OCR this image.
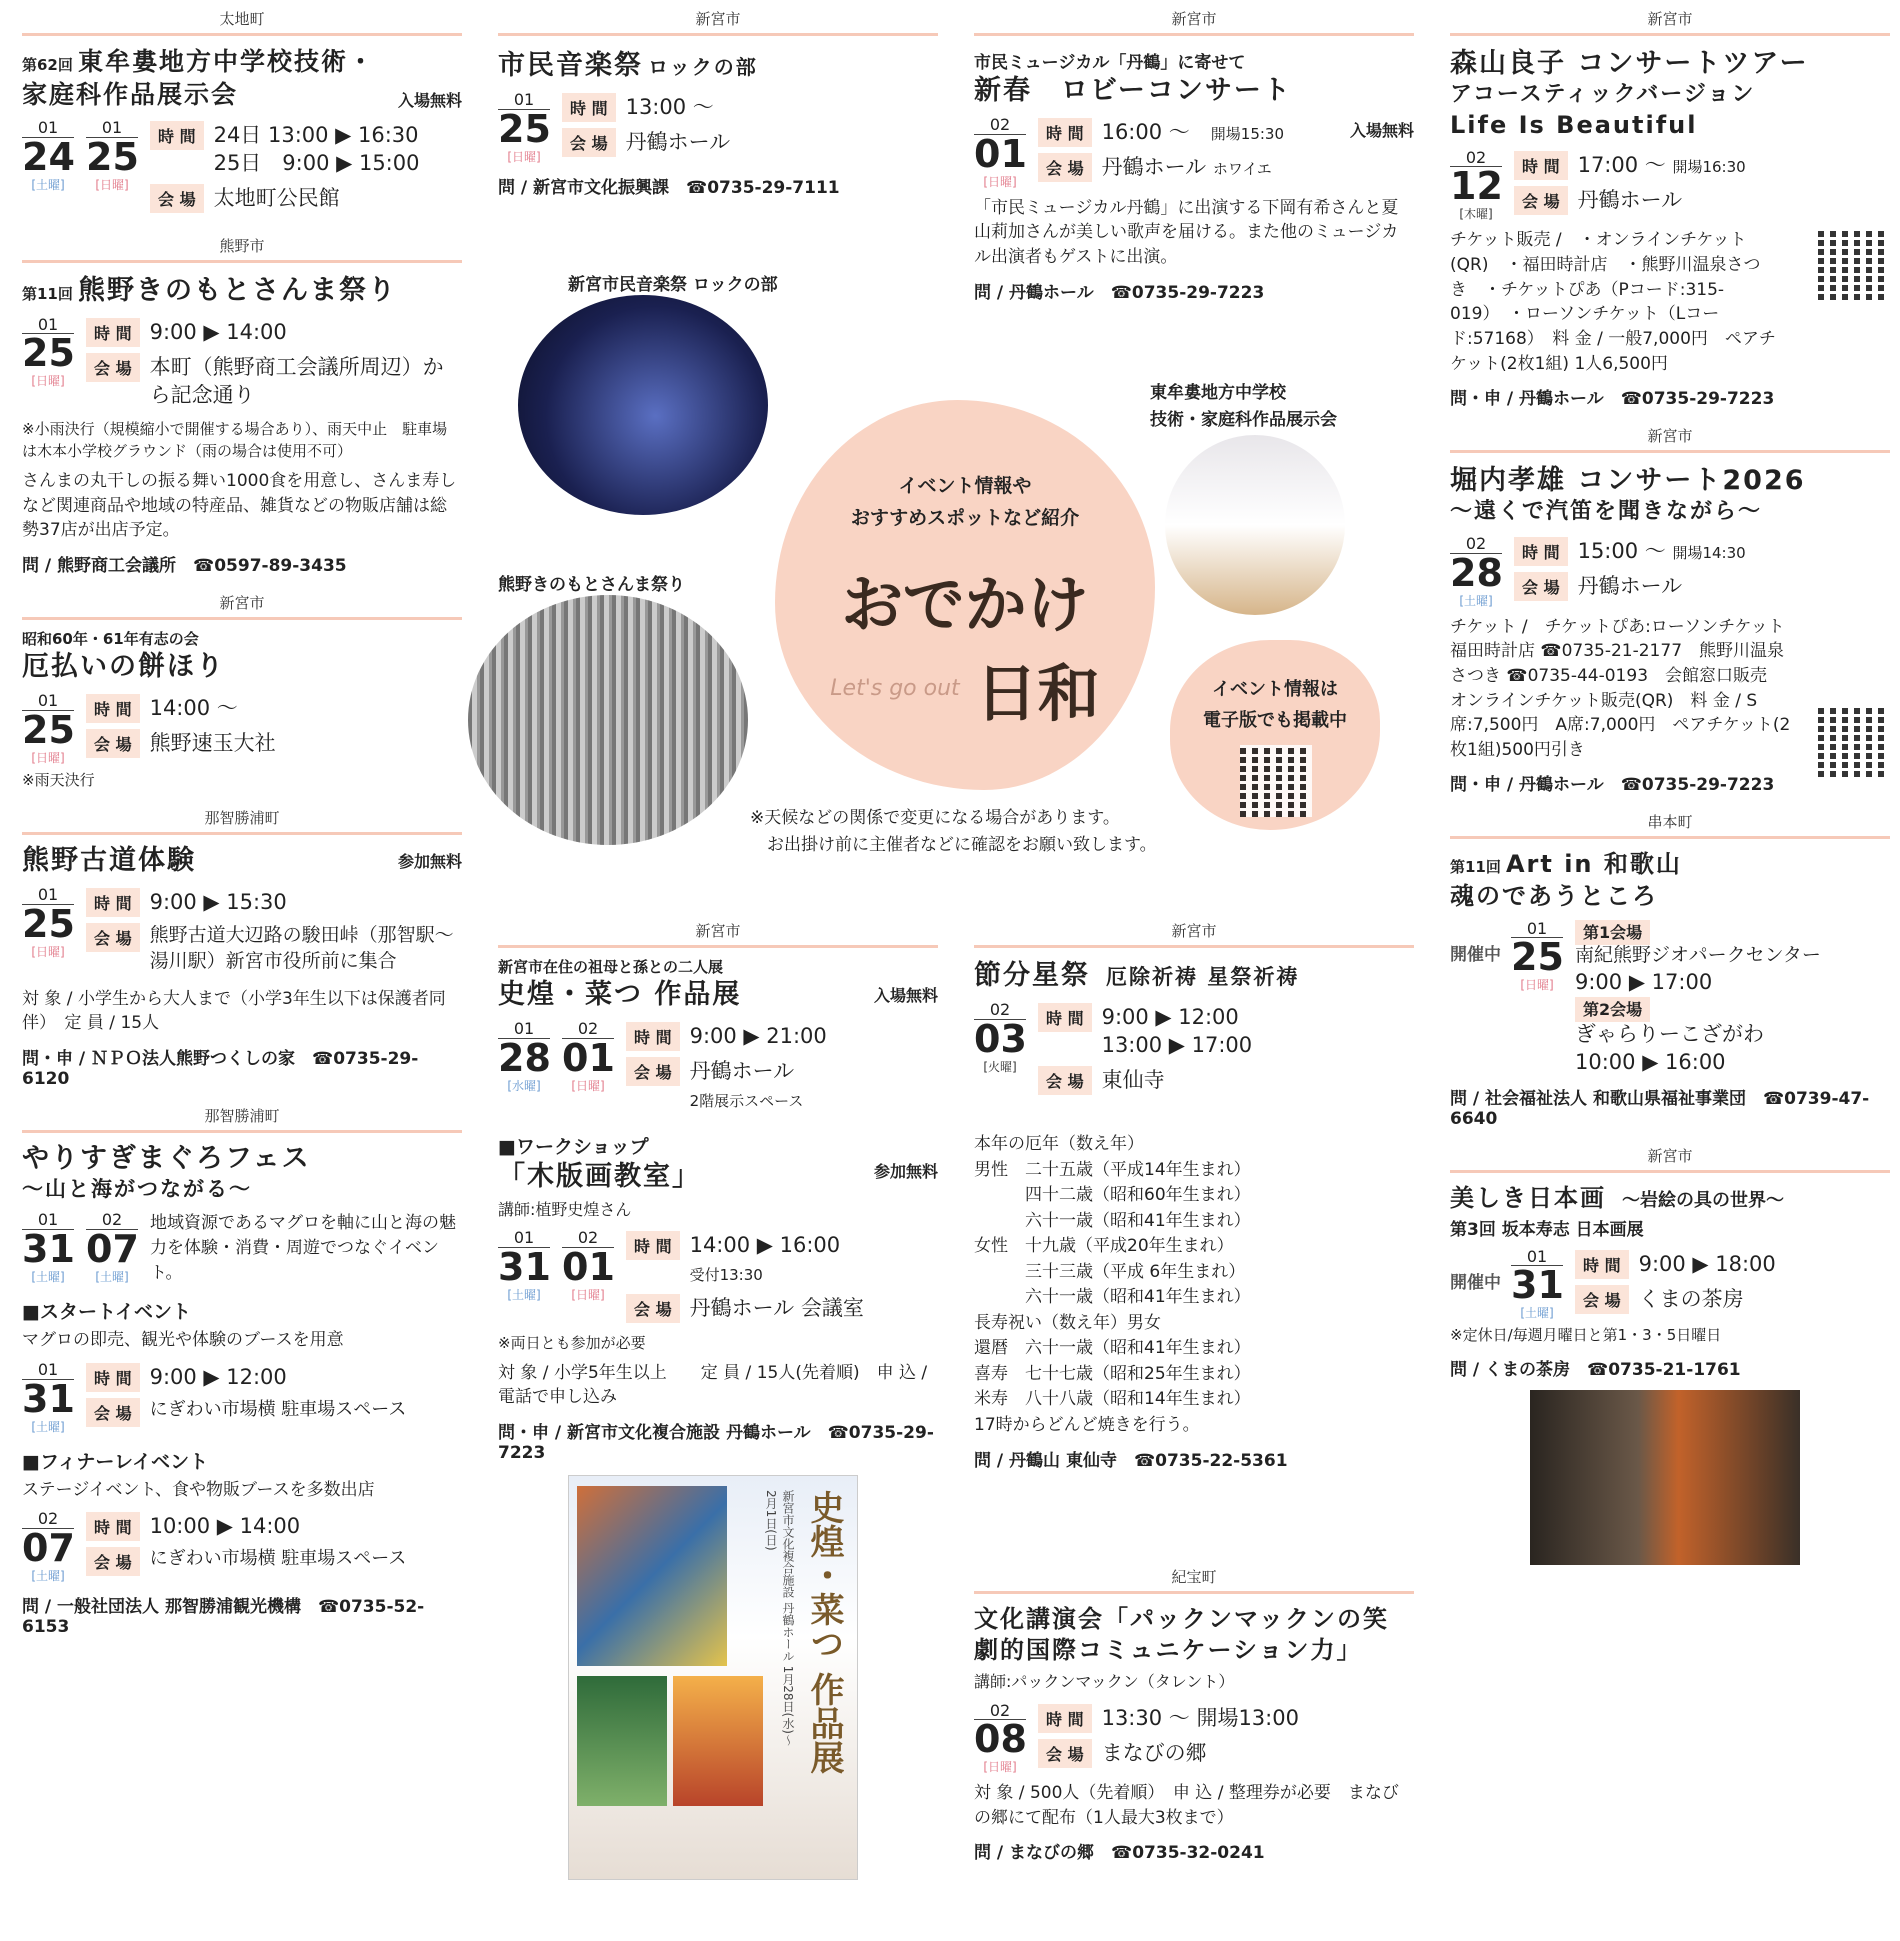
太地町
第62回 東牟婁地方中学校技術・家庭科作品展示会	入場無料
01
24
[土曜]
01
25
[日曜]
時 間 24日 13:00 ▶ 16:30
25日　9:00 ▶ 15:00
会 場 太地町公民館
熊野市
第11回 熊野きのもとさんま祭り
01
25
[日曜]
時 間 9:00 ▶ 14:00
会 場 本町（熊野商工会議所周辺）から記念通り
※小雨決行（規模縮小で開催する場合あり）、雨天中止　駐車場は木本小学校グラウンド（雨の場合は使用不可）
さんまの丸干しの振る舞い1000食を用意し、さんま寿しなど関連商品や地域の特産品、雑貨などの物販店舗は総勢37店が出店予定。
問 / 熊野商工会議所　☎0597-89-3435
新宮市
昭和60年・61年有志の会
厄払いの餅ほり
01
25
[日曜]
時 間 14:00 〜
会 場 熊野速玉大社
※雨天決行
那智勝浦町
熊野古道体験	参加無料
01
25
[日曜]
時 間 9:00 ▶ 15:30
会 場 熊野古道大辺路の駿田峠（那智駅〜湯川駅）新宮市役所前に集合
対 象 / 小学生から大人まで（小学3年生以下は保護者同伴）　定 員 / 15人
問・申 / ＮＰＯ法人熊野つくしの家　☎0735-29-6120
那智勝浦町
やりすぎまぐろフェス
〜山と海がつながる〜
01
31
[土曜]
02
07
[土曜]
地域資源であるマグロを軸に山と海の魅力を体験・消費・周遊でつなぐイベント。
■スタートイベント
マグロの即売、観光や体験のブースを用意
01
31
[土曜]
時 間 9:00 ▶ 12:00
会 場	にぎわい市場横 駐車場スペース
■フィナーレイベント
ステージイベント、食や物販ブースを多数出店
02
07
[土曜]
時 間 10:00 ▶ 14:00
会 場	にぎわい市場横 駐車場スペース
問 / 一般社団法人 那智勝浦観光機構　☎0735-52-6153
新宮市
市民音楽祭 ロックの部
01
25
[日曜]
時 間 13:00 〜
会 場 丹鶴ホール
問 / 新宮市文化振興課　☎0735-29-7111
新宮市民音楽祭 ロックの部
熊野きのもとさんま祭り
新宮市
新宮市在住の祖母と孫との二人展
史煌・菜つ 作品展	入場無料
01
28
[水曜]
02
01
[日曜]
時 間 9:00 ▶ 21:00
会 場 丹鶴ホール
2階展示スペース
■ワークショップ
「木版画教室」	参加無料
講師:植野史煌さん
01
31
[土曜]
02
01
[日曜]
時 間 14:00 ▶ 16:00
受付13:30
会 場 丹鶴ホール 会議室
※両日とも参加が必要
対 象 / 小学5年生以上　　定 員 / 15人(先着順)　申 込 / 電話で申し込み
問・申 / 新宮市文化複合施設 丹鶴ホール　☎0735-29-7223
史煌・菜つ 作品展
新宮市文化複合施設 丹鶴ホール 1月28日(水)〜2月1日(日)
イベント情報や
おすすめスポットなど紹介
おでかけ
Let's go out 日和	イベント情報は
電子版でも掲載中
※天候などの関係で変更になる場合があります。
　お出掛け前に主催者などに確認をお願い致します。
東牟婁地方中学校
技術・家庭科作品展示会
新宮市
市民ミュージカル「丹鶴」に寄せて
新春　ロビーコンサート
02
01
[日曜]
時 間 16:00 〜　 開場15:30	入場無料
会 場 丹鶴ホール ホワイエ
「市民ミュージカル丹鶴」に出演する下岡有希さんと夏山莉加さんが美しい歌声を届ける。また他のミュージカル出演者もゲストに出演。
問 / 丹鶴ホール　☎0735-29-7223
新宮市
節分星祭　 厄除祈祷 星祭祈祷
02
03
[火曜]
時 間 9:00 ▶ 12:00
13:00 ▶ 17:00
会 場 東仙寺

本年の厄年（数え年）
男性　二十五歳（平成14年生まれ）
　　　四十二歳（昭和60年生まれ）
　　　六十一歳（昭和41年生まれ）
女性　十九歳（平成20年生まれ）
　　　三十三歳（平成 6年生まれ）
　　　六十一歳（昭和41年生まれ）
長寿祝い（数え年）男女
還暦　六十一歳（昭和41年生まれ）
喜寿　七十七歳（昭和25年生まれ）
米寿　八十八歳（昭和14年生まれ）
17時からどんど焼きを行う。
問 / 丹鶴山 東仙寺　☎0735-22-5361
紀宝町
文化講演会「パックンマックンの笑劇的国際コミュニケーション力」
講師:パックンマックン（タレント）
02
08
[日曜]
時 間 13:30 〜 開場13:00
会 場 まなびの郷
対 象 / 500人（先着順）　申 込 / 整理券が必要　まなびの郷にて配布（1人最大3枚まで）
問 / まなびの郷　☎0735-32-0241
新宮市
森山良子 コンサートツアー
アコースティックバージョン
Life Is Beautiful
02
12
[木曜]
時 間 17:00 〜 開場16:30
会 場 丹鶴ホール
チケット販売 /　・オンラインチケット(QR)　・福田時計店　・熊野川温泉さつき　・チケットぴあ（Pコード:315-019）　・ローソンチケット（Lコード:57168）　料 金 / 一般7,000円　ペアチケット(2枚1組) 1人6,500円
問・申 / 丹鶴ホール　☎0735-29-7223
新宮市
堀内孝雄 コンサート2026
〜遠くで汽笛を聞きながら〜
02
28
[土曜]
時 間 15:00 〜 開場14:30
会 場 丹鶴ホール
チケット /　チケットぴあ:ローソンチケット　福田時計店 ☎0735-21-2177　熊野川温泉さつき ☎0735-44-0193　会館窓口販売　オンラインチケット販売(QR)　料 金 / S席:7,500円　A席:7,000円　ペアチケット(2枚1組)500円引き
問・申 / 丹鶴ホール　☎0735-29-7223
串本町
第11回 Art in 和歌山
魂のであうところ
開催中
01
25
[日曜]
第1会場
南紀熊野ジオパークセンター
9:00 ▶ 17:00
第2会場
ぎゃらりーこざがわ
10:00 ▶ 16:00
問 / 社会福祉法人 和歌山県福祉事業団　☎0739-47-6640
新宮市
美しき日本画　 〜岩絵の具の世界〜
第3回 坂本寿志 日本画展
開催中
01
31
[土曜]
時 間 9:00 ▶ 18:00
会 場 くまの茶房
※定休日/毎週月曜日と第1・3・5日曜日
問 / くまの茶房　☎0735-21-1761
